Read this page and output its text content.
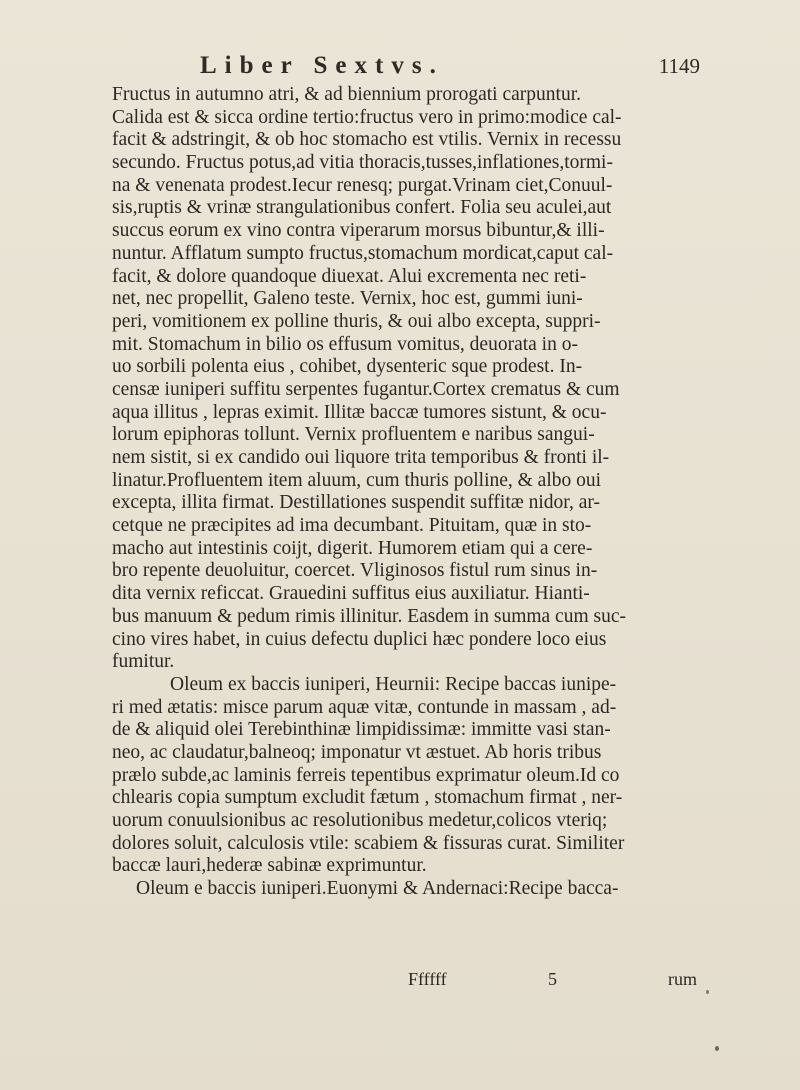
Liber Sextvs.	1149
Fructus in autumno atri, & ad biennium prorogati carpuntur.
Calida est & sicca ordine tertio:fructus vero in primo:modice cal-
facit & adstringit, & ob hoc stomacho est vtilis. Vernix in recessu
secundo. Fructus potus,ad vitia thoracis,tusses,inflationes,tormi-
na & venenata prodest.Iecur renesq; purgat.Vrinam ciet,Conuul-
sis,ruptis & vrinæ strangulationibus confert. Folia seu aculei,aut
succus eorum ex vino contra viperarum morsus bibuntur,& illi-
nuntur. Afflatum sumpto fructus,stomachum mordicat,caput cal-
facit, & dolore quandoque diuexat. Alui excrementa nec reti-
net, nec propellit, Galeno teste. Vernix, hoc est, gummi iuni-
peri, vomitionem ex polline thuris, & oui albo excepta, suppri-
mit. Stomachum in bilio os effusum vomitus, deuorata in o-
uo sorbili polenta eius , cohibet, dysenteric sque prodest. In-
censæ iuniperi suffitu serpentes fugantur.Cortex crematus & cum
aqua illitus , lepras eximit. Illitæ baccæ tumores sistunt, & ocu-
lorum epiphoras tollunt. Vernix profluentem e naribus sangui-
nem sistit, si ex candido oui liquore trita temporibus & fronti il-
linatur.Profluentem item aluum, cum thuris polline, & albo oui
excepta, illita firmat. Destillationes suspendit suffitæ nidor, ar-
cetque ne præcipites ad ima decumbant. Pituitam, quæ in sto-
macho aut intestinis coijt, digerit. Humorem etiam qui a cere-
bro repente deuoluitur, coercet. Vliginosos fistul rum sinus in-
dita vernix reficcat. Grauedini suffitus eius auxiliatur. Hianti-
bus manuum & pedum rimis illinitur. Easdem in summa cum suc-
cino vires habet, in cuius defectu duplici hæc pondere loco eius
fumitur.
Oleum ex baccis iuniperi, Heurnii: Recipe baccas iunipe-
ri med ætatis: misce parum aquæ vitæ, contunde in massam , ad-
de & aliquid olei Terebinthinæ limpidissimæ: immitte vasi stan-
neo, ac claudatur,balneoq; imponatur vt æstuet. Ab horis tribus
prælo subde,ac laminis ferreis tepentibus exprimatur oleum.Id co
chlearis copia sumptum excludit fætum , stomachum firmat , ner-
uorum conuulsionibus ac resolutionibus medetur,colicos vteriq;
dolores soluit, calculosis vtile: scabiem & fissuras curat. Similiter
baccæ lauri,hederæ sabinæ exprimuntur.
Oleum e baccis iuniperi.Euonymi & Andernaci:Recipe bacca-
Ffffff	5	rum
